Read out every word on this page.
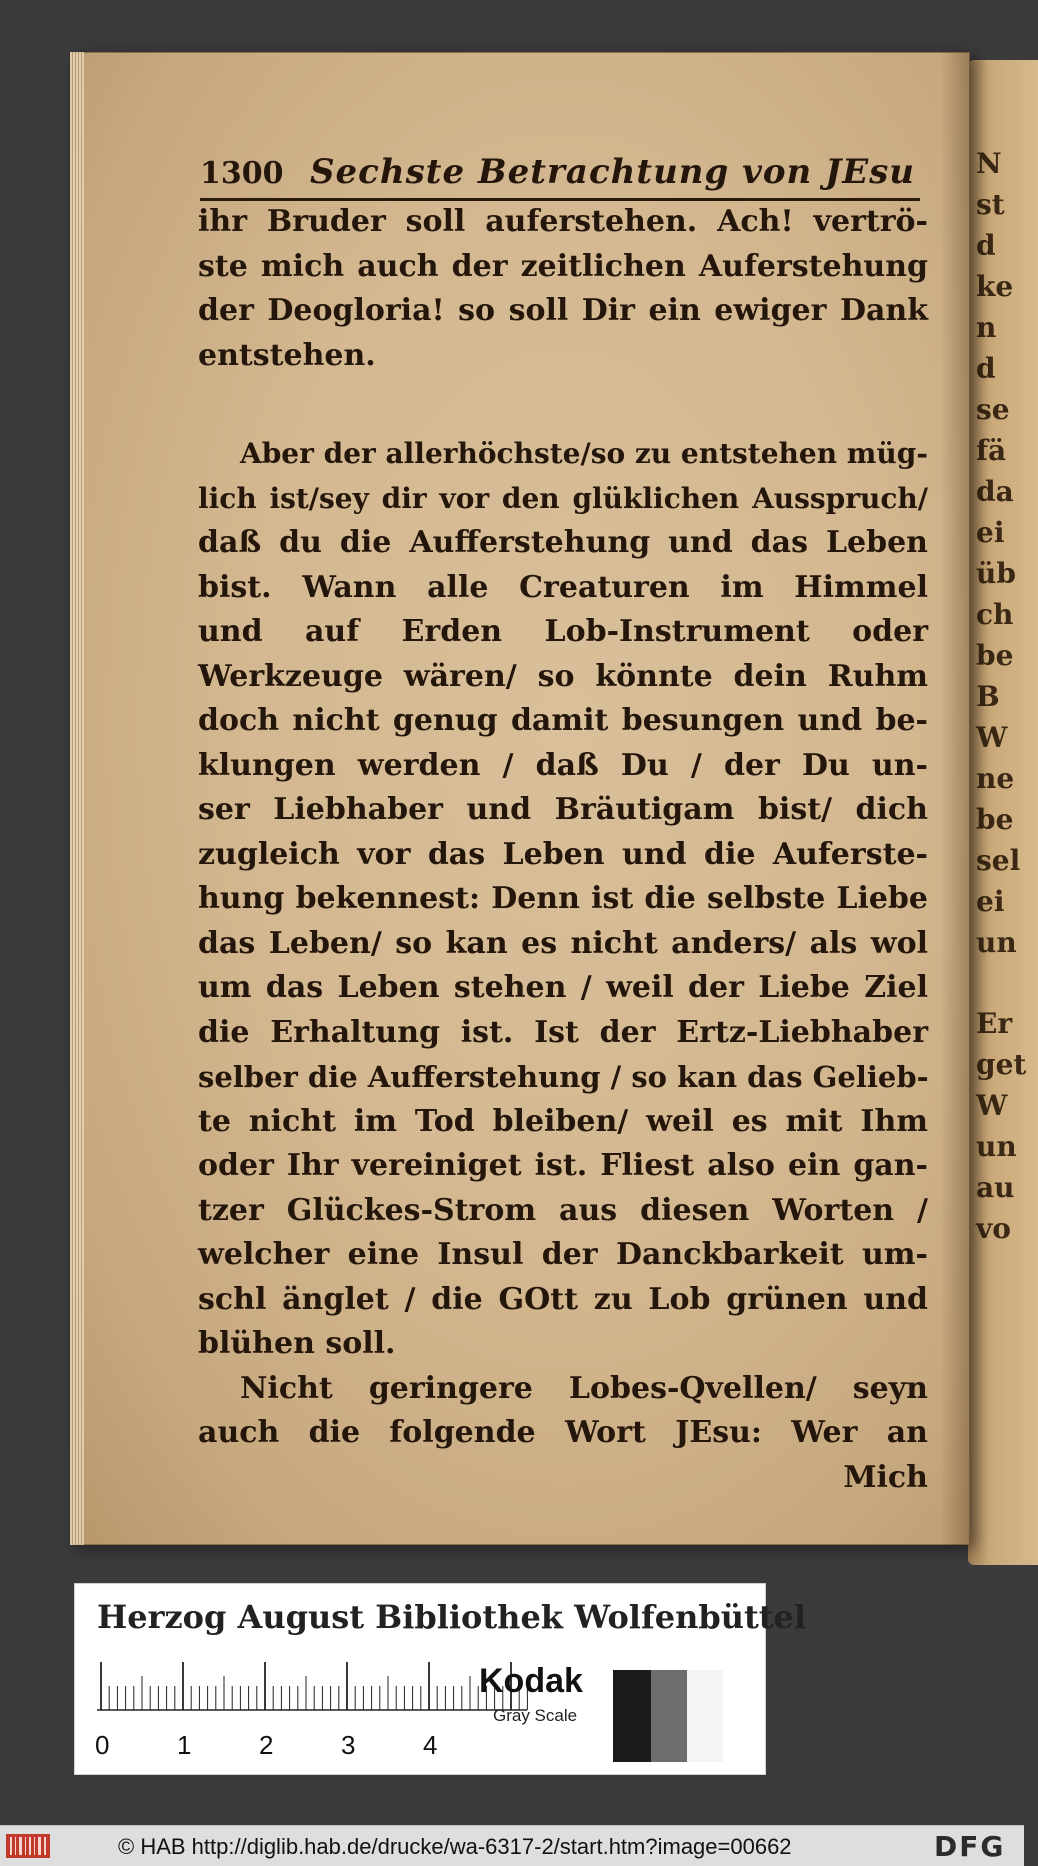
N
st
d
ke
n
d
se
fä
da
ei
üb
ch
be
B
W
ne
be
sel
ei
un
Er
get
W
un
au
vo
1300 Sechste Betrachtung von JEsu
ihr Bruder soll auferstehen. Ach! vertrö-
ste mich auch der zeitlichen Auferstehung
der Deogloria! so soll Dir ein ewiger Dank
entstehen.
Aber der allerhöchste/so zu entstehen müg-
lich ist/sey dir vor den glüklichen Ausspruch/
daß du die Aufferstehung und das Leben
bist. Wann alle Creaturen im Himmel
und auf Erden Lob-Instrument oder
Werkzeuge wären/ so könnte dein Ruhm
doch nicht genug damit besungen und be-
klungen werden / daß Du / der Du un-
ser Liebhaber und Bräutigam bist/ dich
zugleich vor das Leben und die Auferste-
hung bekennest: Denn ist die selbste Liebe
das Leben/ so kan es nicht anders/ als wol
um das Leben stehen / weil der Liebe Ziel
die Erhaltung ist. Ist der Ertz-Liebhaber
selber die Aufferstehung / so kan das Gelieb-
te nicht im Tod bleiben/ weil es mit Ihm
oder Ihr vereiniget ist. Fliest also ein gan-
tzer Glückes-Strom aus diesen Worten /
welcher eine Insul der Danckbarkeit um-
schl änglet / die GOtt zu Lob grünen und
blühen soll.
Nicht geringere Lobes-Qvellen/ seyn
auch die folgende Wort JEsu: Wer an
Mich
Herzog August Bibliothek Wolfenbüttel
0	1	2	3	4
Kodak
Gray Scale
© HAB http://diglib.hab.de/drucke/wa-6317-2/start.htm?image=00662	DFG
